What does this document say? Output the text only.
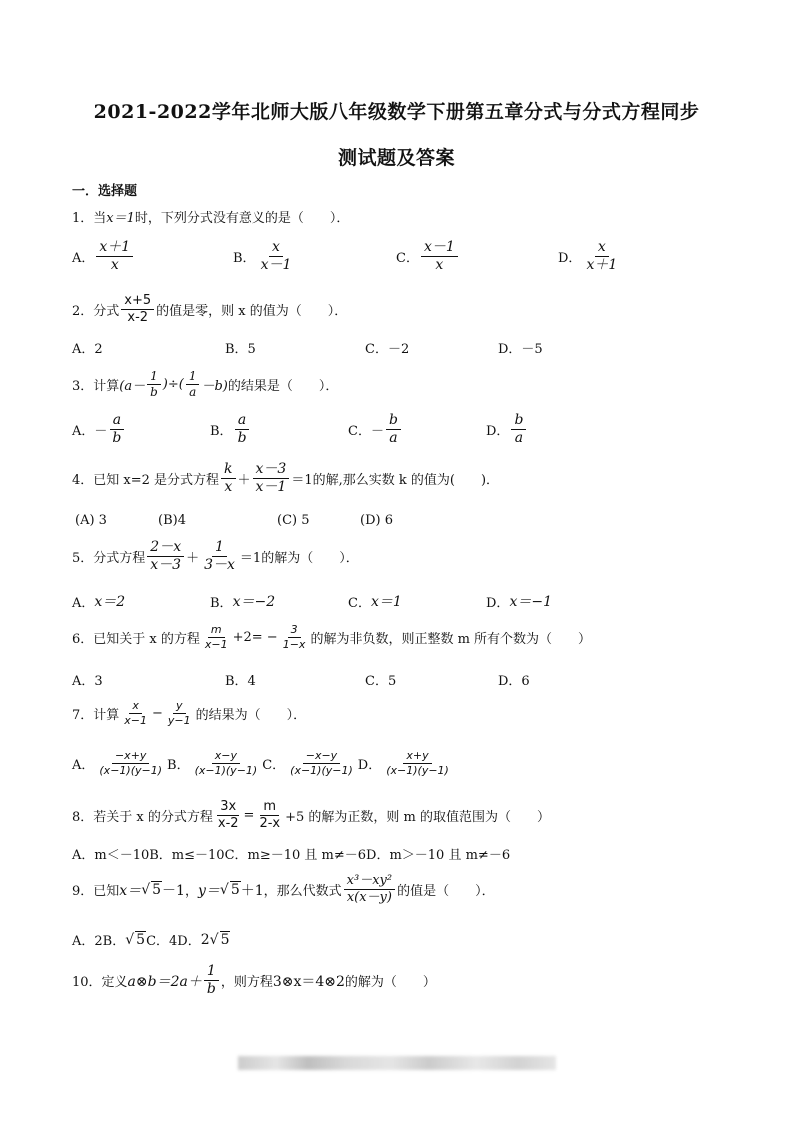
2021-2022学年北师大版八年级数学下册第五章分式与分式方程同步
测试题及答案
一．选择题
1．当 x＝1 时，下列分式没有意义的是（　　）．
A． $\frac{x+1}{x}$	B． $\frac{x}{x-1}$	C． $\frac{x-1}{x}$	D． $\frac{x}{x+1}$
2．分式 $\frac{x+5}{x-2}$ 的值是零，则 x 的值为（　　）．
A．2	B．5	C．－2	D．－5
3．计算 ($a- \frac{1}{b}$ )÷( $\frac{1}{a} -b$) 的结果是（　　）．
A． － $\frac{a}{b}$	B． $\frac{a}{b}$	C． － $\frac{b}{a}$	D． $\frac{b}{a}$
4．已知 x=2 是分式方程 $\frac{k}{x} + \frac{x-3}{x-1} =1$ 的解,那么实数 k 的值为(　　)．
(A) 3	(B)4	(C) 5	(D) 6
5．分式方程 $\frac{2-x}{x-3} + \frac{1}{3-x} =1$ 的解为（　　）．
A． x＝2	B． x＝−2	C． x＝1	D． x＝−1
6．已知关于 x 的方程 $\frac{m}{x-1} +2= - \frac{3}{1-x}$ 的解为非负数，则正整数 m 所有个数为（　　）
A．3	B．4	C．5	D．6
7．计算 $\frac{x}{x-1} - \frac{y}{y-1}$ 的结果为（　　）．
A． $\frac{-x+y}{(x-1)(y-1)}$ B． $\frac{x-y}{(x-1)(y-1)}$ C． $\frac{-x-y}{(x-1)(y-1)}$ D． $\frac{x+y}{(x-1)(y-1)}$
8．若关于 x 的分式方程 $\frac{3x}{x-2} = \frac{m}{2-x} +5$ 的解为正数，则 m 的取值范围为（　　）
A．m＜－10B．m≤－10C．m≥－10 且 m≠－6D．m＞－10 且 m≠－6
9．已知 x＝ √ 5 －1 ， y＝ √ 5 ＋1 ，那么代数式 $\frac{\text{x³－xy²}}{x(x-y)}$ 的值是（　　）．
A．2B． √ 5 C．4D． 2 √ 5
10．定义 a⊗b＝2a＋ $\frac{1}{b}$ ，则方程 3⊗x＝4⊗2 的解为（　　）
